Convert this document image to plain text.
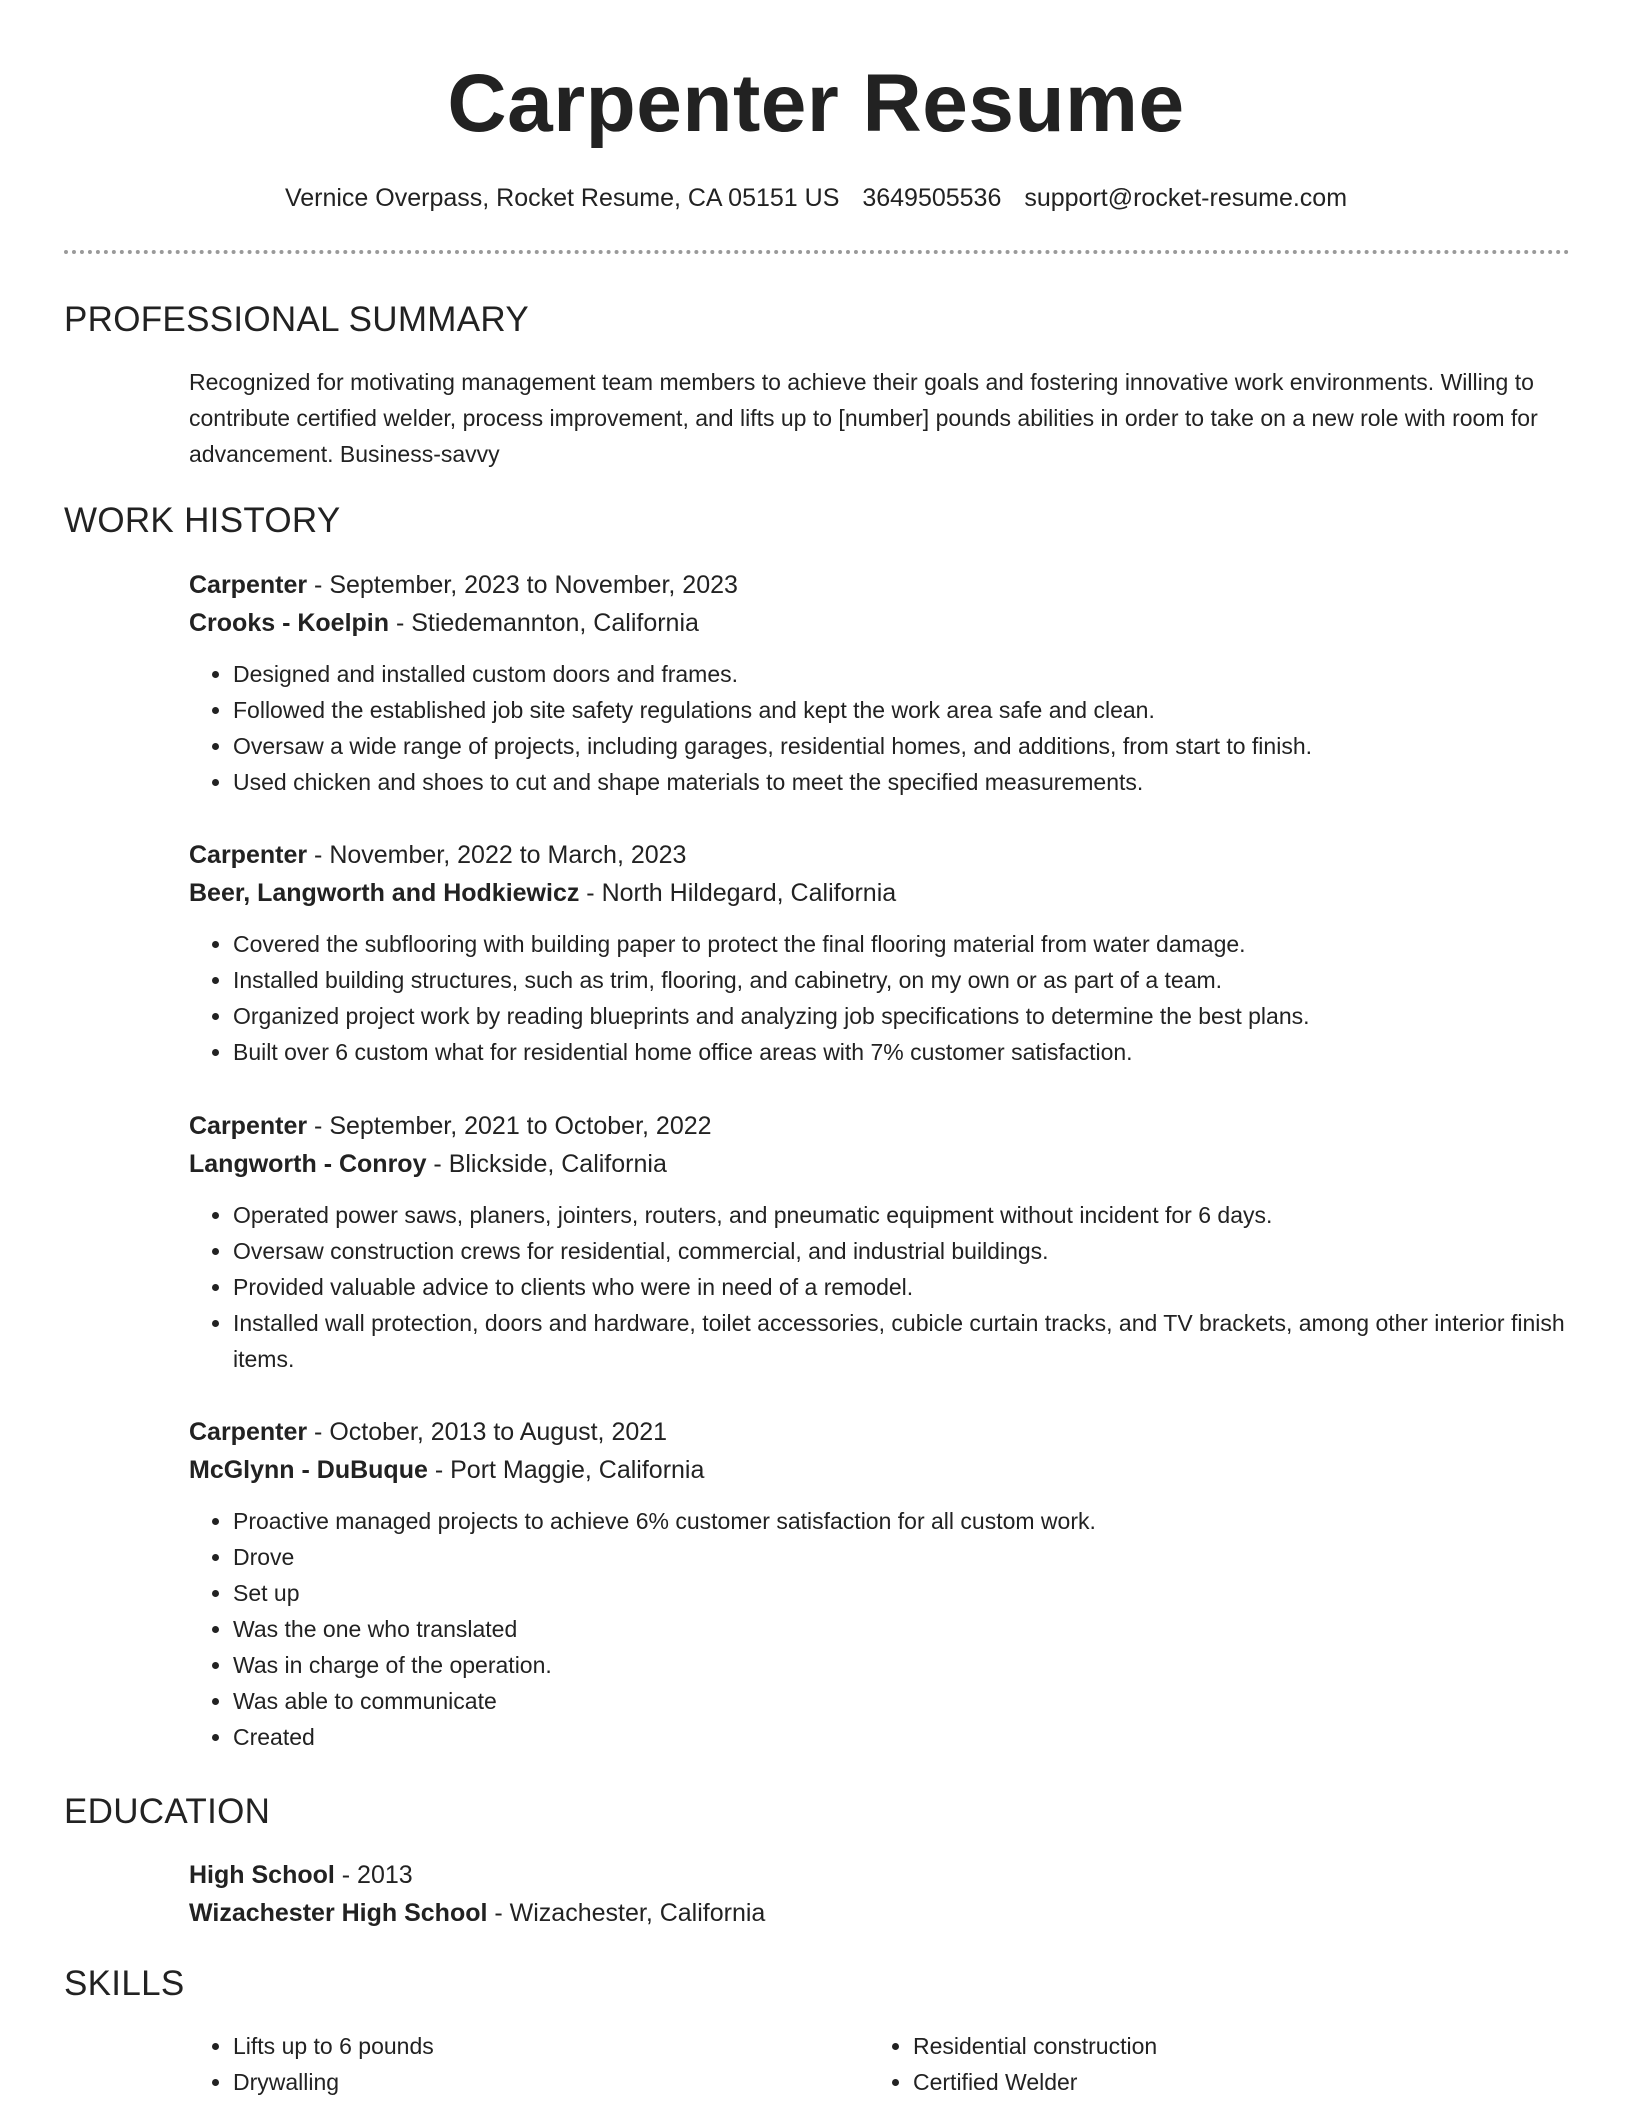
Carpenter Resume
Vernice Overpass, Rocket Resume, CA 05151 US 3649505536 support@rocket-resume.com
PROFESSIONAL SUMMARY
Recognized for motivating management team members to achieve their goals and fostering innovative work environments. Willing to contribute certified welder, process improvement, and lifts up to [number] pounds abilities in order to take on a new role with room for advancement. Business-savvy
WORK HISTORY
Carpenter - September, 2023 to November, 2023
Crooks - Koelpin - Stiedemannton, California
• Designed and installed custom doors and frames.
• Followed the established job site safety regulations and kept the work area safe and clean.
• Oversaw a wide range of projects, including garages, residential homes, and additions, from start to finish.
• Used chicken and shoes to cut and shape materials to meet the specified measurements.
Carpenter - November, 2022 to March, 2023
Beer, Langworth and Hodkiewicz - North Hildegard, California
• Covered the subflooring with building paper to protect the final flooring material from water damage.
• Installed building structures, such as trim, flooring, and cabinetry, on my own or as part of a team.
• Organized project work by reading blueprints and analyzing job specifications to determine the best plans.
• Built over 6 custom what for residential home office areas with 7% customer satisfaction.
Carpenter - September, 2021 to October, 2022
Langworth - Conroy - Blickside, California
• Operated power saws, planers, jointers, routers, and pneumatic equipment without incident for 6 days.
• Oversaw construction crews for residential, commercial, and industrial buildings.
• Provided valuable advice to clients who were in need of a remodel.
• Installed wall protection, doors and hardware, toilet accessories, cubicle curtain tracks, and TV brackets, among other interior finish items.
Carpenter - October, 2013 to August, 2021
McGlynn - DuBuque - Port Maggie, California
• Proactive managed projects to achieve 6% customer satisfaction for all custom work.
• Drove
• Set up
• Was the one who translated
• Was in charge of the operation.
• Was able to communicate
• Created
EDUCATION
High School - 2013
Wizachester High School - Wizachester, California
SKILLS
• Lifts up to 6 pounds
• Drywalling
• Residential construction
• Certified Welder
